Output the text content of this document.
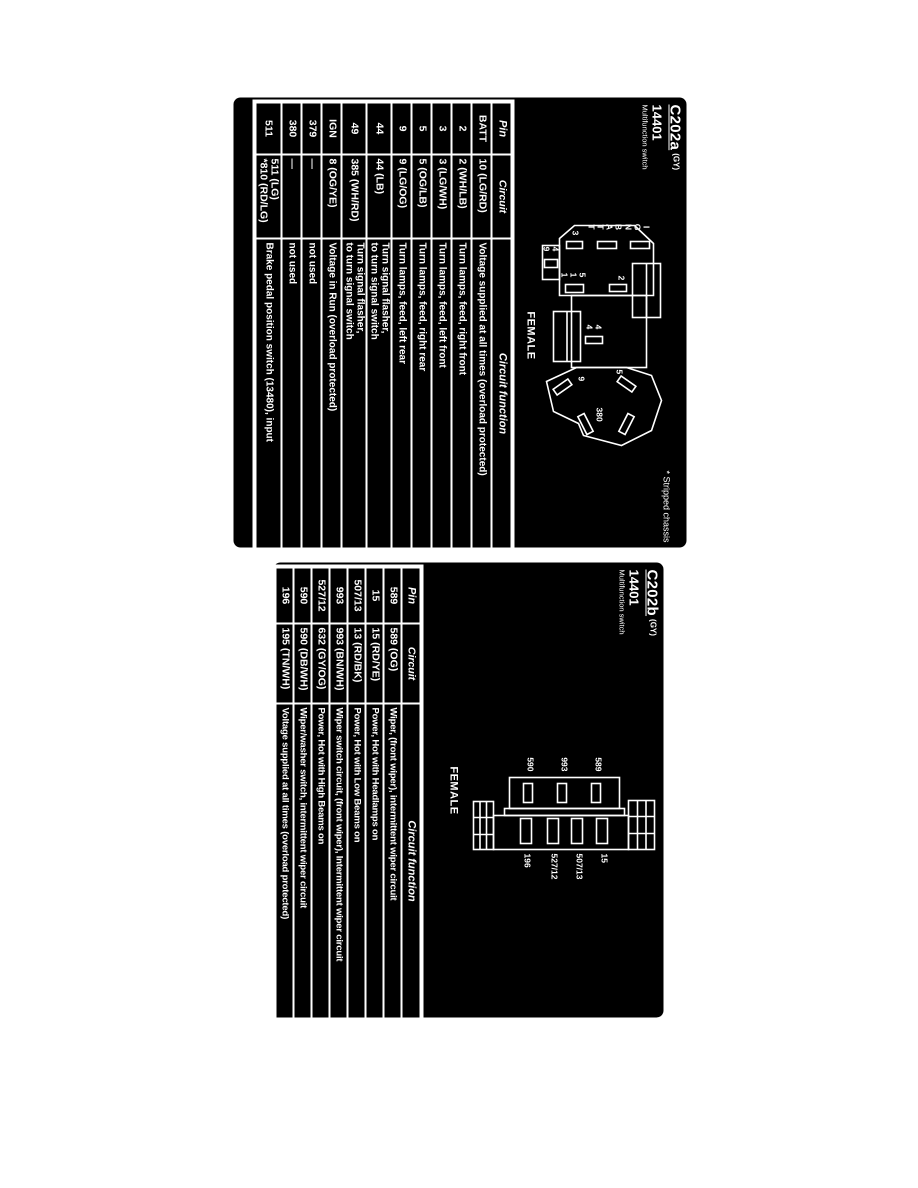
C202a(GY)
14401
Multifunction switch
* Stripped chassis
IGN
BATT
3
49
511	2
44
5
9
380
FEMALE
Pin
Circuit
Circuit function
BATT
10 (LG/RD)
Voltage supplied at all times (overload protected)
2
2 (WH/LB)
Turn lamps, feed, right front
3
3 (LG/WH)
Turn lamps, feed, left front
5
5 (OG/LB)
Turn lamps, feed, right rear
9
9 (LG/OG)
Turn lamps, feed, left rear
44
44 (LB)
Turn signal flasher,
to turn signal switch
49
385 (WH/RD)
Turn signal flasher,
to turn signal switch
IGN
8 (OG/YE)
Voltage in Run (overload protected)
379
—
not used
380
—
not used
511
511 (LG)
*810 (RD/LG)
Brake pedal position switch (13480), input
C202b(GY)
14401
Multifunction switch
589
993
590
15
507/13
527/12
196
FEMALE
Pin
Circuit
Circuit function
589
589 (OG)
Wiper, (front wiper), intermittent wiper circuit
15
15 (RD/YE)
Power, Hot with Headlamps on
507/13
13 (RD/BK)
Power, Hot with Low Beams on
993
993 (BN/WH)
Wiper switch circuit, (front wiper), Intermittent wiper circuit
527/12
632 (GY/OG)
Power, Hot with High Beams on
590
590 (DB/WH)
Wiper/washer switch, intermittent wiper circuit
196
195 (TN/WH)
Voltage supplied at all times (overload protected)
